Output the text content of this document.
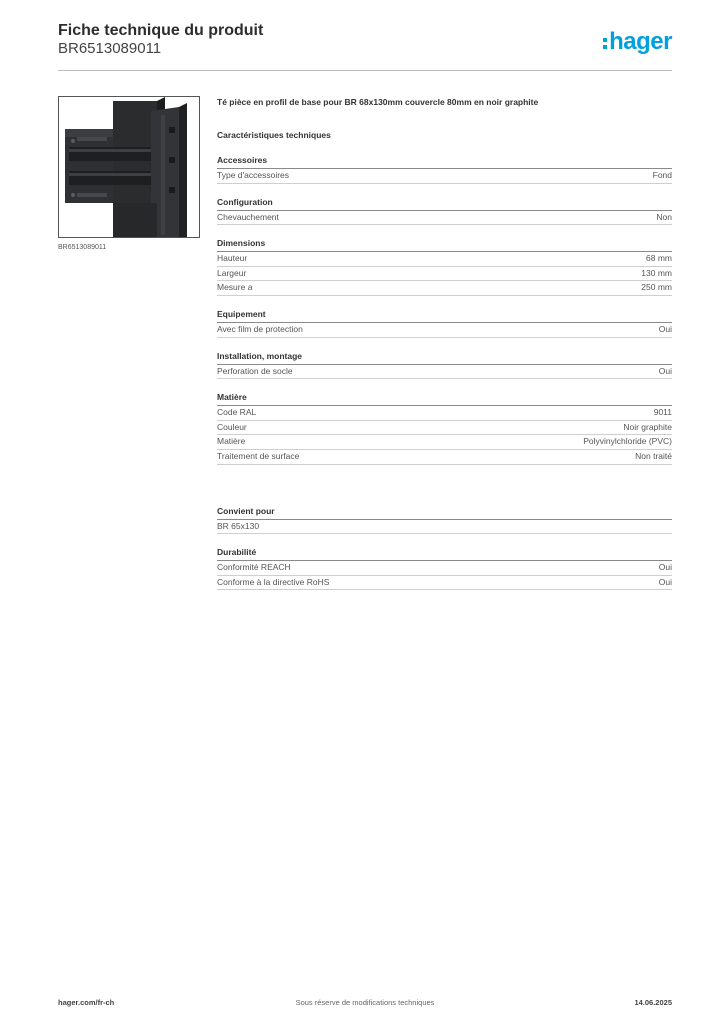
Fiche technique du produit
BR6513089011	hager
BR6513089011
Té pièce en profil de base pour BR 68x130mm couvercle 80mm en noir graphite
Caractéristiques techniques
Accessoires
Type d'accessoires	Fond
Configuration
Chevauchement	Non
Dimensions
Hauteur	68 mm
Largeur	130 mm
Mesure a	250 mm
Equipement
Avec film de protection	Oui
Installation, montage
Perforation de socle	Oui
Matière
Code RAL	9011
Couleur	Noir graphite
Matière	Polyvinylchloride (PVC)
Traitement de surface	Non traité
Convient pour
BR 65x130
Durabilité
Conformité REACH	Oui
Conforme à la directive RoHS	Oui
hager.com/fr-ch	Sous réserve de modifications techniques	14.06.2025
